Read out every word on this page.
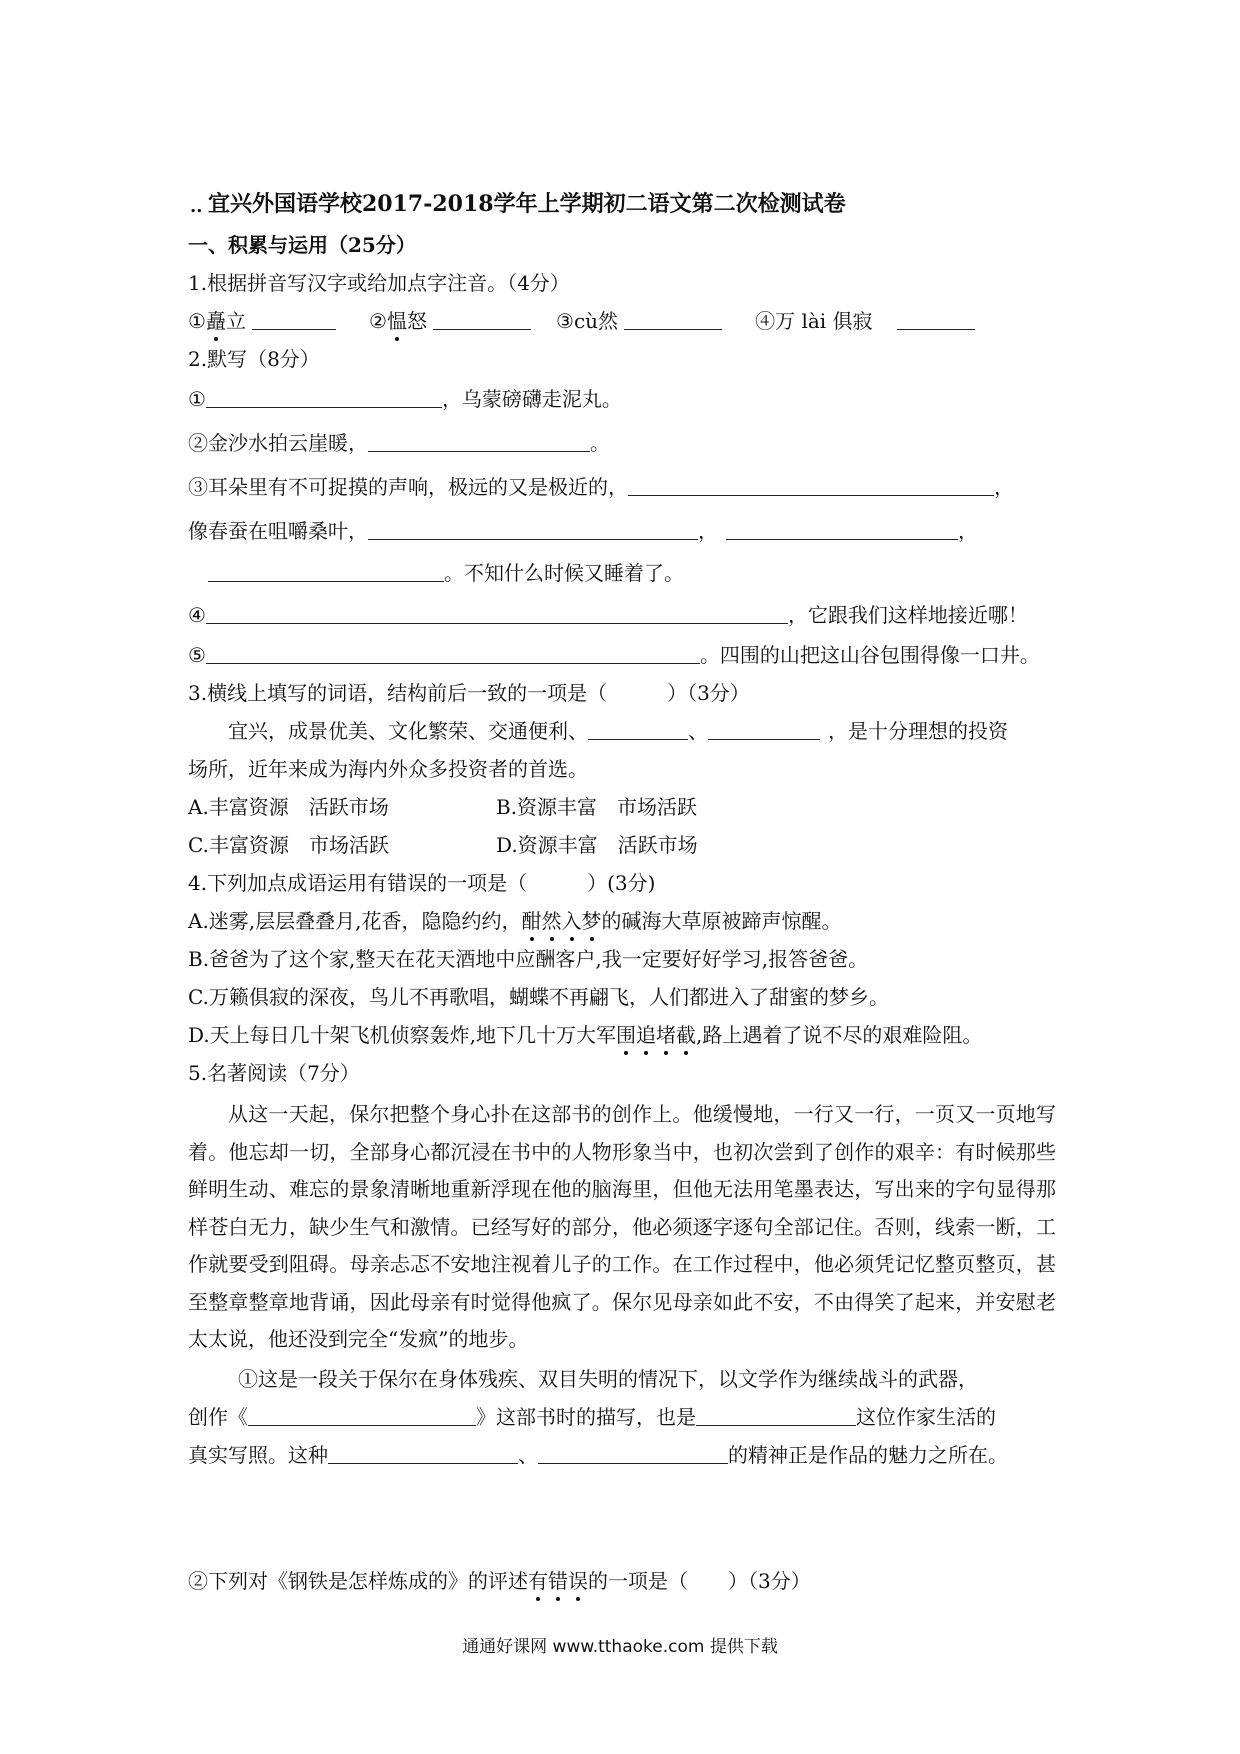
.. 宜兴外国语学校2017-2018学年上学期初二语文第二次检测试卷
一、积累与运用（25分）
1.根据拼音写汉字或给加点字注音。（4分）
①矗立	②愠怒	③cù然	④万 lài 俱寂
2.默写（8分）
①	，乌蒙磅礴走泥丸。
②金沙水拍云崖暖，	。
③耳朵里有不可捉摸的声响，极远的又是极近的，	，
像春蚕在咀嚼桑叶，	，	，
。不知什么时候又睡着了。
④	，它跟我们这样地接近哪！
⑤	。四围的山把这山谷包围得像一口井。
3.横线上填写的词语，结构前后一致的一项是（　　　）（3分）
宜兴，成景优美、文化繁荣、交通便利、	、	，是十分理想的投资
场所，近年来成为海内外众多投资者的首选。
A.丰富资源　活跃市场	B.资源丰富　市场活跃
C.丰富资源　市场活跃	D.资源丰富　活跃市场
4.下列加点成语运用有错误的一项是（　　　）(3分)
A.迷雾,层层叠叠月,花香，隐隐约约，酣然入梦的碱海大草原被蹄声惊醒。
B.爸爸为了这个家,整天在花天酒地中应酬客户,我一定要好好学习,报答爸爸。
C.万籁俱寂的深夜，鸟儿不再歌唱，蝴蝶不再翩飞，人们都进入了甜蜜的梦乡。
D.天上每日几十架飞机侦察轰炸,地下几十万大军围追堵截,路上遇着了说不尽的艰难险阻。
5.名著阅读（7分）
从这一天起，保尔把整个身心扑在这部书的创作上。他缓慢地，一行又一行，一页又一页地写着。他忘却一切，全部身心都沉浸在书中的人物形象当中，也初次尝到了创作的艰辛：有时候那些鲜明生动、难忘的景象清晰地重新浮现在他的脑海里，但他无法用笔墨表达，写出来的字句显得那样苍白无力，缺少生气和激情。已经写好的部分，他必须逐字逐句全部记住。否则，线索一断，工作就要受到阻碍。母亲忐忑不安地注视着儿子的工作。在工作过程中，他必须凭记忆整页整页，甚至整章整章地背诵，因此母亲有时觉得他疯了。保尔见母亲如此不安，不由得笑了起来，并安慰老太太说，他还没到完全“发疯”的地步。
①这是一段关于保尔在身体残疾、双目失明的情况下，以文学作为继续战斗的武器，
创作《	》这部书时的描写，也是	这位作家生活的
真实写照。这种	、	的精神正是作品的魅力之所在。
②下列对《钢铁是怎样炼成的》的评述有错误的一项是（　　）（3分）
通通好课网 www.tthaoke.com 提供下载
